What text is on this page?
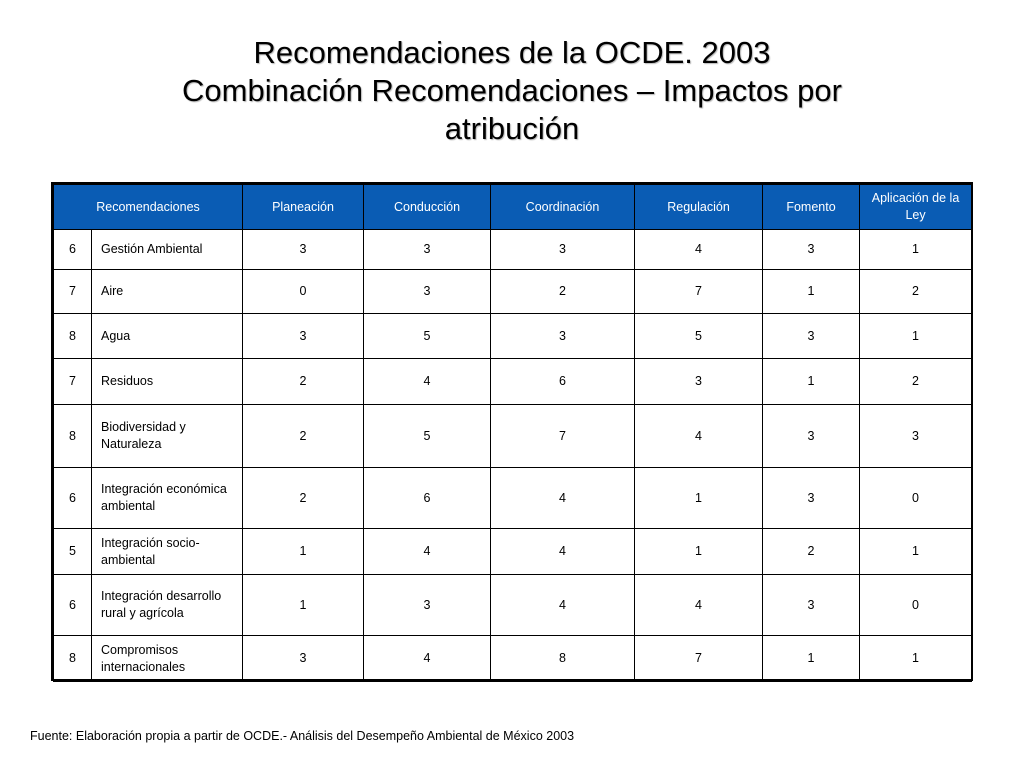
Recomendaciones de la OCDE. 2003
Combinación Recomendaciones – Impactos por
atribución
Recomendaciones		Planeación	Conducción	Coordinación	Regulación	Fomento	Aplicación de la Ley
6	Gestión Ambiental	3	3	3	4	3	1
7	Aire	0	3	2	7	1	2
8	Agua	3	5	3	5	3	1
7	Residuos	2	4	6	3	1	2
8	Biodiversidad y Naturaleza	2	5	7	4	3	3
6	Integración económica ambiental	2	6	4	1	3	0
5	Integración socio-ambiental	1	4	4	1	2	1
6	Integración desarrollo rural y agrícola	1	3	4	4	3	0
8	Compromisos internacionales	3	4	8	7	1	1
Fuente: Elaboración propia a partir de OCDE.- Análisis del Desempeño Ambiental de México 2003
